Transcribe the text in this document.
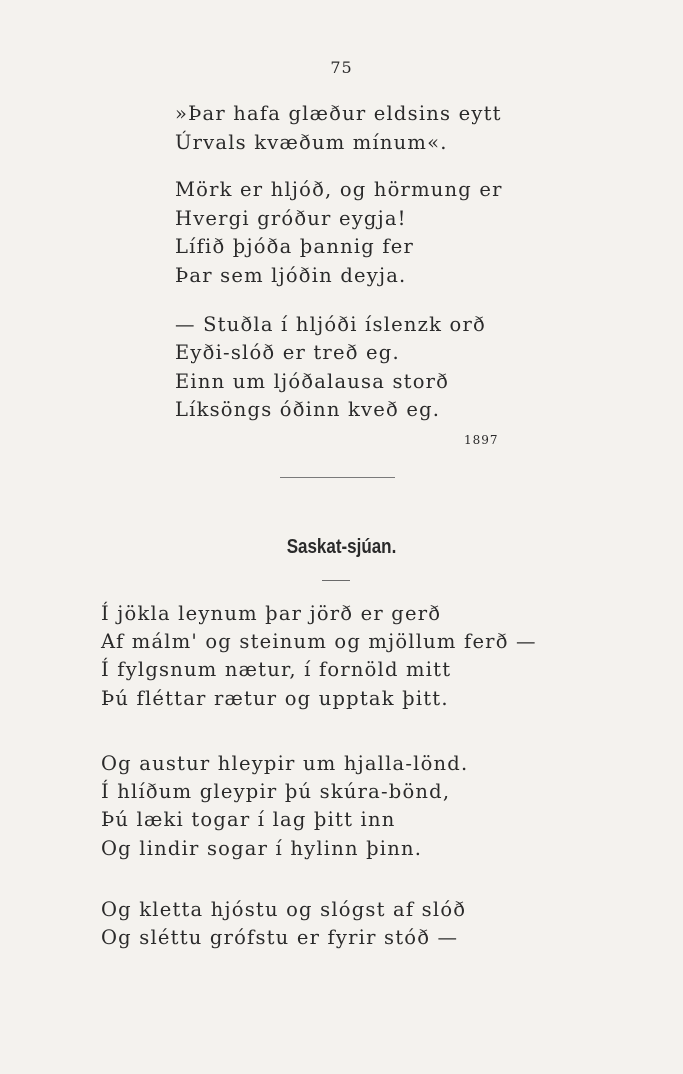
75
»Þar hafa glæður eldsins eytt
Úrvals kvæðum mínum«.
Mörk er hljóð, og hörmung er
Hvergi gróður eygja!
Lífið þjóða þannig fer
Þar sem ljóðin deyja.
— Stuðla í hljóði íslenzk orð
Eyði-slóð er treð eg.
Einn um ljóðalausa storð
Líksöngs óðinn kveð eg.
1897
Saskat-sjúan.
Í jökla leynum þar jörð er gerð
Af málm' og steinum og mjöllum ferð —
Í fylgsnum nætur, í fornöld mitt
Þú fléttar rætur og upptak þitt.
Og austur hleypir um hjalla-lönd.
Í hlíðum gleypir þú skúra-bönd,
Þú læki togar í lag þitt inn
Og lindir sogar í hylinn þinn.
Og kletta hjóstu og slógst af slóð
Og sléttu grófstu er fyrir stóð —
